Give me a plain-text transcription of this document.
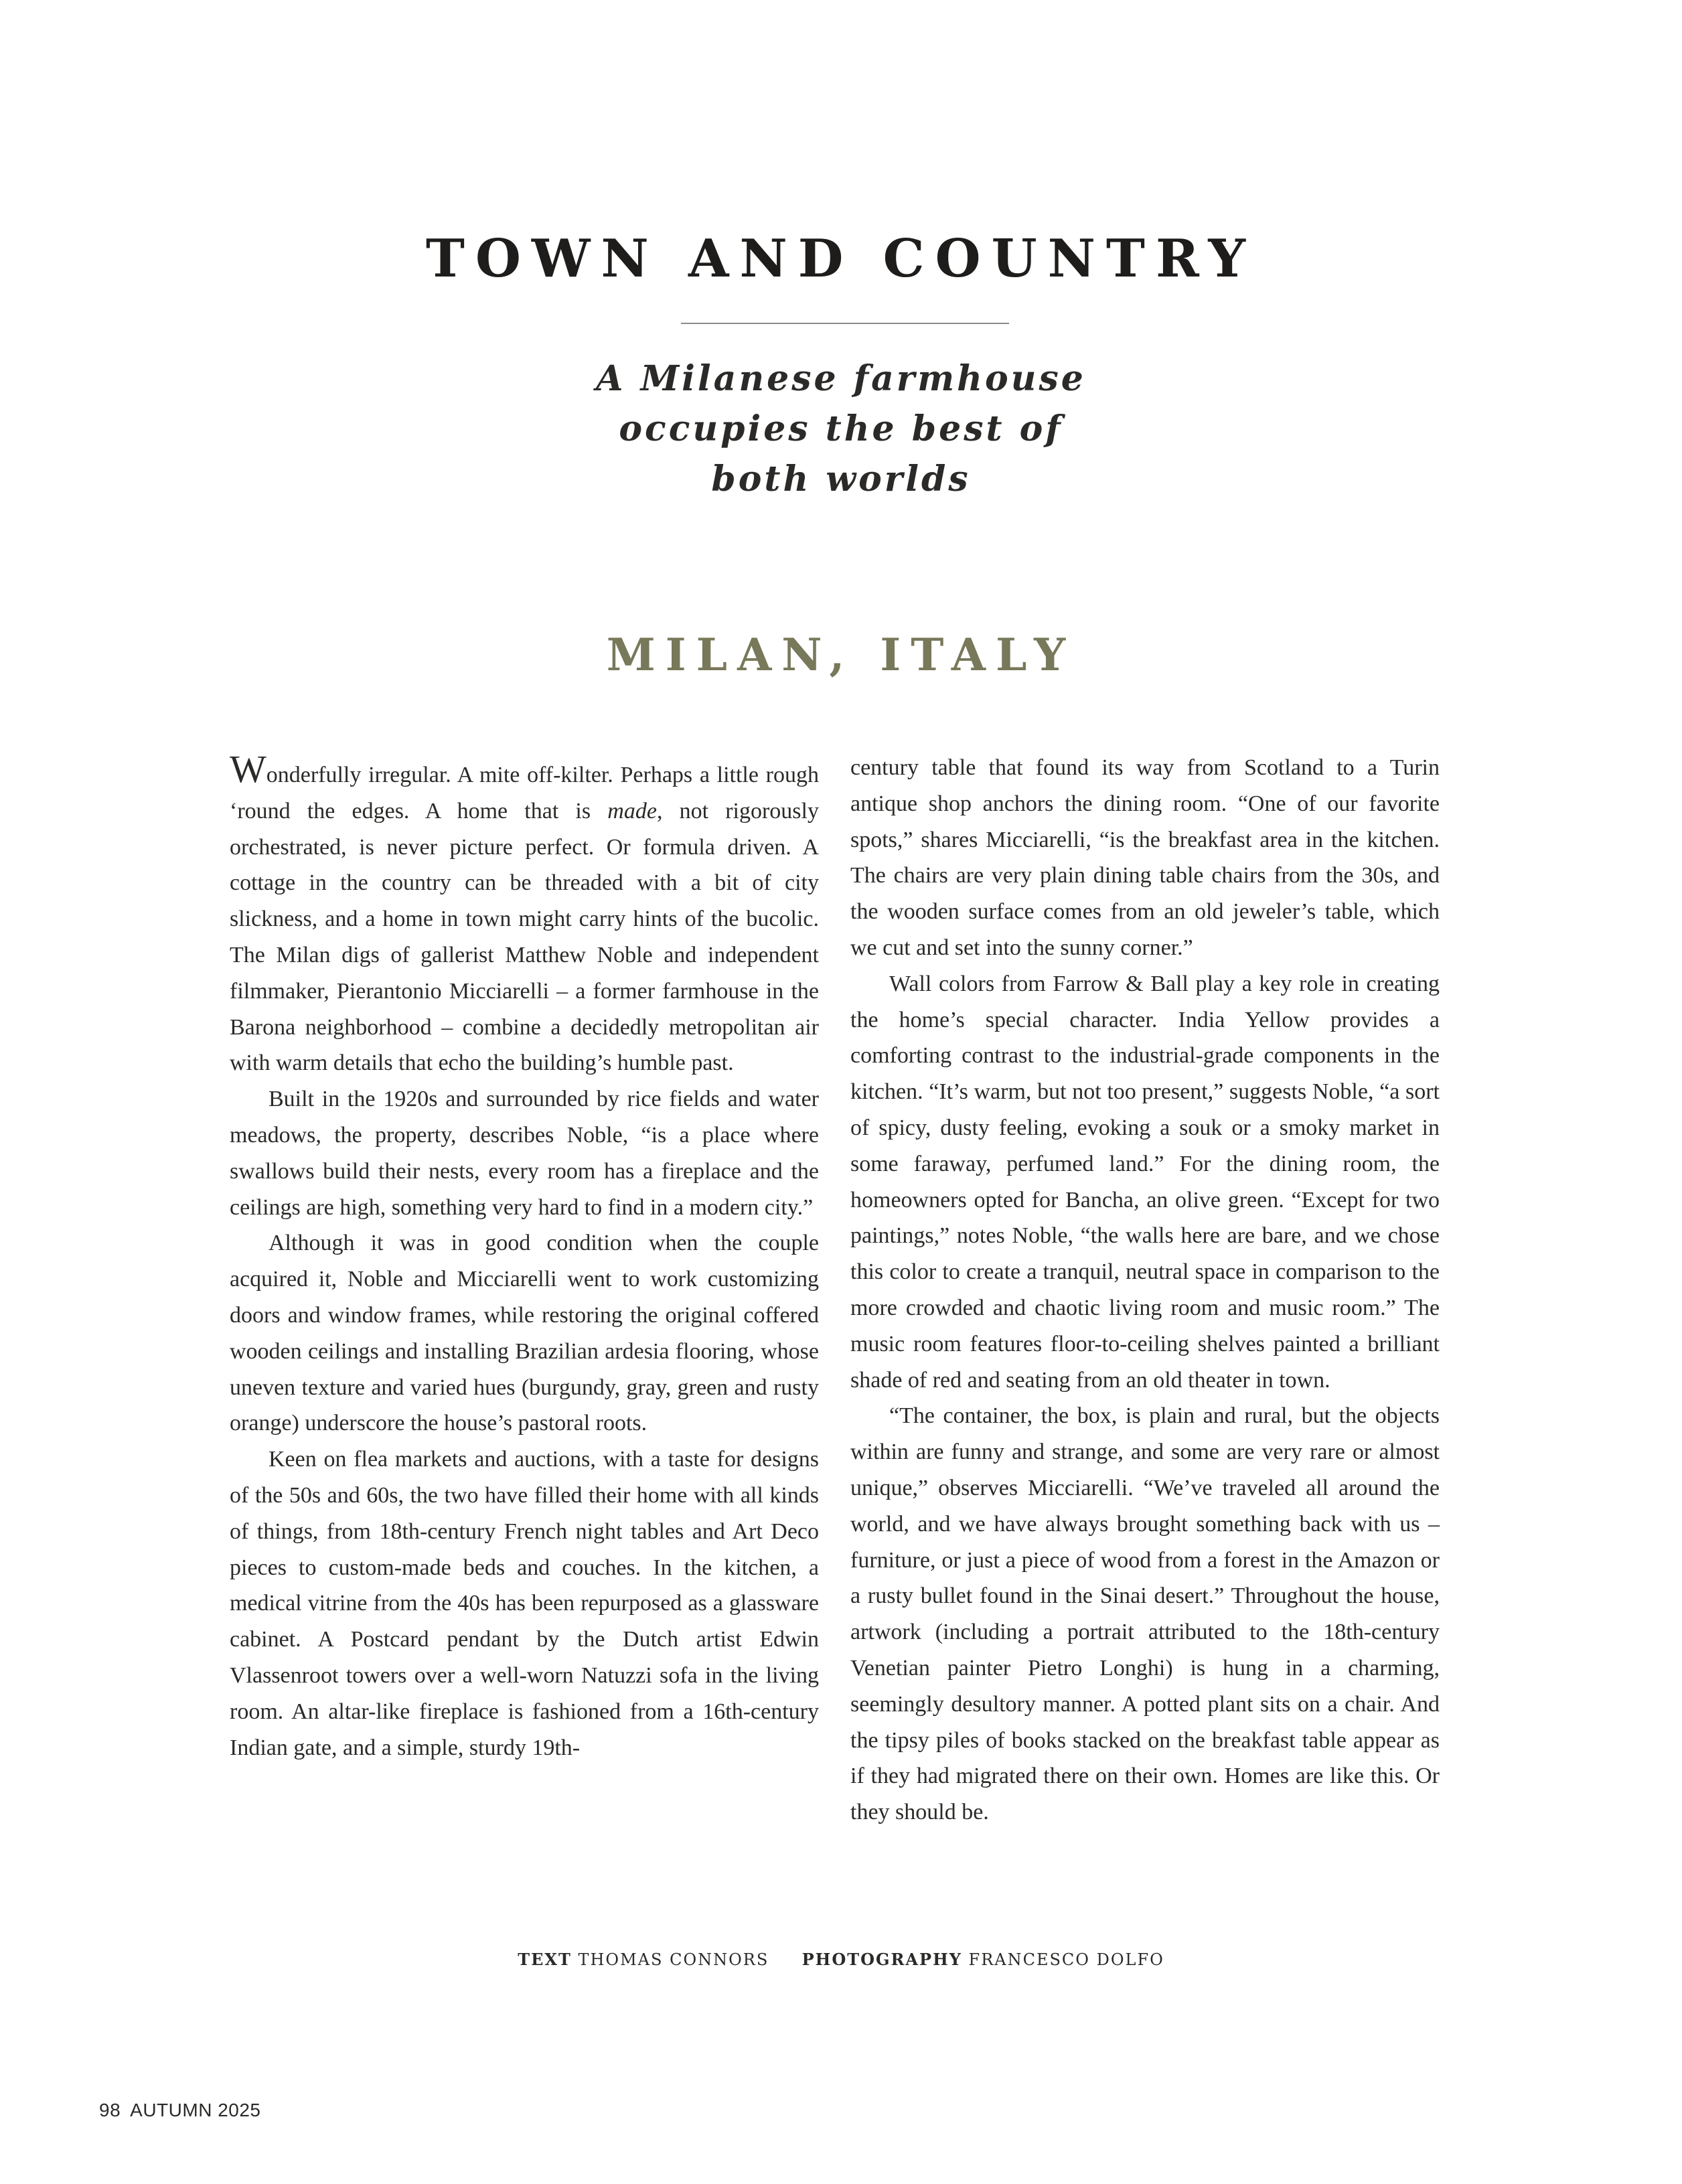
TOWN AND COUNTRY
A Milanese farmhouse
occupies the best of
both worlds
MILAN, ITALY

Wonderfully irregular. A mite off-kilter. Perhaps a little rough ‘round the edges. A home that is made, not rigorously orchestrated, is never picture perfect. Or formula driven. A cottage in the country can be threaded with a bit of city slickness, and a home in town might carry hints of the bucolic. The Milan digs of gallerist Matthew Noble and independent filmmaker, Pierantonio Micciarelli – a former farmhouse in the Barona neighborhood – combine a decidedly metropolitan air with warm details that echo the building’s humble past.

Built in the 1920s and surrounded by rice fields and water meadows, the property, describes Noble, “is a place where swallows build their nests, every room has a fireplace and the ceilings are high, something very hard to find in a modern city.”

Although it was in good condition when the couple acquired it, Noble and Micciarelli went to work customizing doors and window frames, while restoring the original coffered wooden ceilings and installing Brazilian ardesia flooring, whose uneven texture and varied hues (burgundy, gray, green and rusty orange) underscore the house’s pastoral roots.

Keen on flea markets and auctions, with a taste for designs of the 50s and 60s, the two have filled their home with all kinds of things, from 18th-century French night tables and Art Deco pieces to custom-made beds and couches. In the kitchen, a medical vitrine from the 40s has been repurposed as a glassware cabinet. A Postcard pendant by the Dutch artist Edwin Vlassenroot towers over a well-worn Natuzzi sofa in the living room. An altar-like fireplace is fashioned from a 16th-century Indian gate, and a simple, sturdy 19th-

century table that found its way from Scotland to a Turin antique shop anchors the dining room. “One of our favorite spots,” shares Micciarelli, “is the breakfast area in the kitchen. The chairs are very plain dining table chairs from the 30s, and the wooden surface comes from an old jeweler’s table, which we cut and set into the sunny corner.”

Wall colors from Farrow & Ball play a key role in creating the home’s special character. India Yellow provides a comforting contrast to the industrial-grade components in the kitchen. “It’s warm, but not too present,” suggests Noble, “a sort of spicy, dusty feeling, evoking a souk or a smoky market in some faraway, perfumed land.” For the dining room, the homeowners opted for Bancha, an olive green. “Except for two paintings,” notes Noble, “the walls here are bare, and we chose this color to create a tranquil, neutral space in comparison to the more crowded and chaotic living room and music room.” The music room features floor-to-ceiling shelves painted a brilliant shade of red and seating from an old theater in town.

“The container, the box, is plain and rural, but the objects within are funny and strange, and some are very rare or almost unique,” observes Micciarelli. “We’ve traveled all around the world, and we have always brought something back with us – furniture, or just a piece of wood from a forest in the Amazon or a rusty bullet found in the Sinai desert.” Throughout the house, artwork (including a portrait attributed to the 18th-century Venetian painter Pietro Longhi) is hung in a charming, seemingly desultory manner. A potted plant sits on a chair. And the tipsy piles of books stacked on the breakfast table appear as if they had migrated there on their own. Homes are like this. Or they should be.

TEXT THOMAS CONNORS PHOTOGRAPHY FRANCESCO DOLFO
98 AUTUMN 2025
